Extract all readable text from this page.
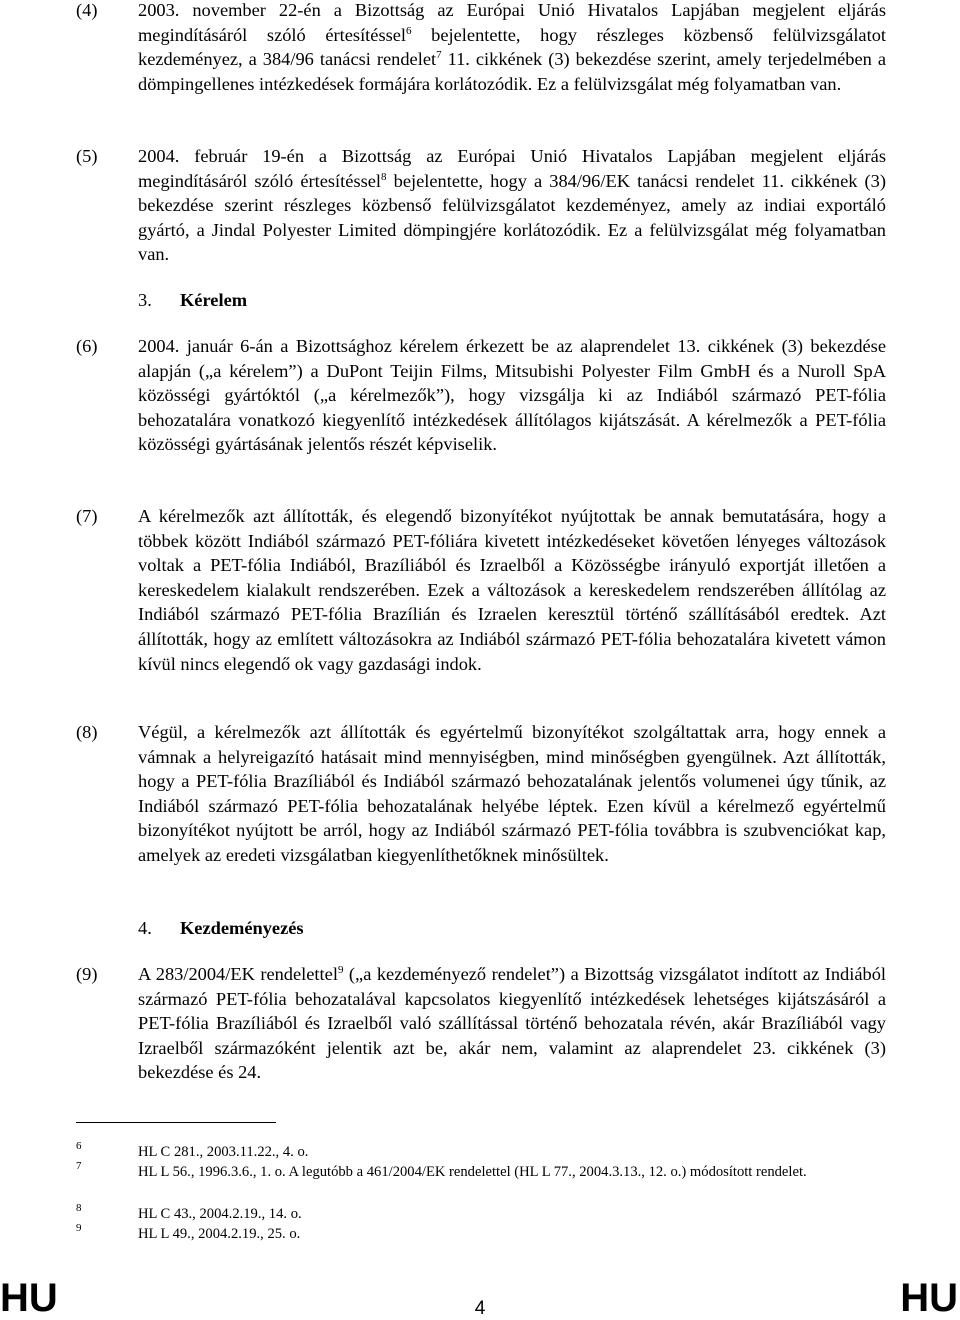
(4) 2003. november 22-én a Bizottság az Európai Unió Hivatalos Lapjában megjelent eljárás megindításáról szóló értesítéssel$^6$ bejelentette, hogy részleges közbenső felülvizsgálatot kezdeményez, a 384/96 tanácsi rendelet$^7$ 11. cikkének (3) bekezdése szerint, amely terjedelmében a dömpingellenes intézkedések formájára korlátozódik. Ez a felülvizsgálat még folyamatban van.
(5) 2004. február 19-én a Bizottság az Európai Unió Hivatalos Lapjában megjelent eljárás megindításáról szóló értesítéssel$^8$ bejelentette, hogy a 384/96/EK tanácsi rendelet 11. cikkének (3) bekezdése szerint részleges közbenső felülvizsgálatot kezdeményez, amely az indiai exportáló gyártó, a Jindal Polyester Limited dömpingjére korlátozódik. Ez a felülvizsgálat még folyamatban van.
3. Kérelem
(6) 2004. január 6-án a Bizottsághoz kérelem érkezett be az alaprendelet 13. cikkének (3) bekezdése alapján („a kérelem”) a DuPont Teijin Films, Mitsubishi Polyester Film GmbH és a Nuroll SpA közösségi gyártóktól („a kérelmezők”), hogy vizsgálja ki az Indiából származó PET-fólia behozatalára vonatkozó kiegyenlítő intézkedések állítólagos kijátszását. A kérelmezők a PET-fólia közösségi gyártásának jelentős részét képviselik.
(7) A kérelmezők azt állították, és elegendő bizonyítékot nyújtottak be annak bemutatására, hogy a többek között Indiából származó PET-fóliára kivetett intézkedéseket követően lényeges változások voltak a PET-fólia Indiából, Brazíliából és Izraelből a Közösségbe irányuló exportját illetően a kereskedelem kialakult rendszerében. Ezek a változások a kereskedelem rendszerében állítólag az Indiából származó PET-fólia Brazílián és Izraelen keresztül történő szállításából eredtek. Azt állították, hogy az említett változásokra az Indiából származó PET-fólia behozatalára kivetett vámon kívül nincs elegendő ok vagy gazdasági indok.
(8) Végül, a kérelmezők azt állították és egyértelmű bizonyítékot szolgáltattak arra, hogy ennek a vámnak a helyreigazító hatásait mind mennyiségben, mind minőségben gyengülnek. Azt állították, hogy a PET-fólia Brazíliából és Indiából származó behozatalának jelentős volumenei úgy tűnik, az Indiából származó PET-fólia behozatalának helyébe léptek. Ezen kívül a kérelmező egyértelmű bizonyítékot nyújtott be arról, hogy az Indiából származó PET-fólia továbbra is szubvenciókat kap, amelyek az eredeti vizsgálatban kiegyenlíthetőknek minősültek.
4. Kezdeményezés
(9) A 283/2004/EK rendelettel$^9$ („a kezdeményező rendelet”) a Bizottság vizsgálatot indított az Indiából származó PET-fólia behozatalával kapcsolatos kiegyenlítő intézkedések lehetséges kijátszásáról a PET-fólia Brazíliából és Izraelből való szállítással történő behozatala révén, akár Brazíliából vagy Izraelből származóként jelentik azt be, akár nem, valamint az alaprendelet 23. cikkének (3) bekezdése és 24.
6	HL C 281., 2003.11.22., 4. o.
7	HL L 56., 1996.3.6., 1. o. A legutóbb a 461/2004/EK rendelettel (HL L 77., 2004.3.13., 12. o.) módosított rendelet.
8	HL C 43., 2004.2.19., 14. o.
9	HL L 49., 2004.2.19., 25. o.
HU	4	HU
